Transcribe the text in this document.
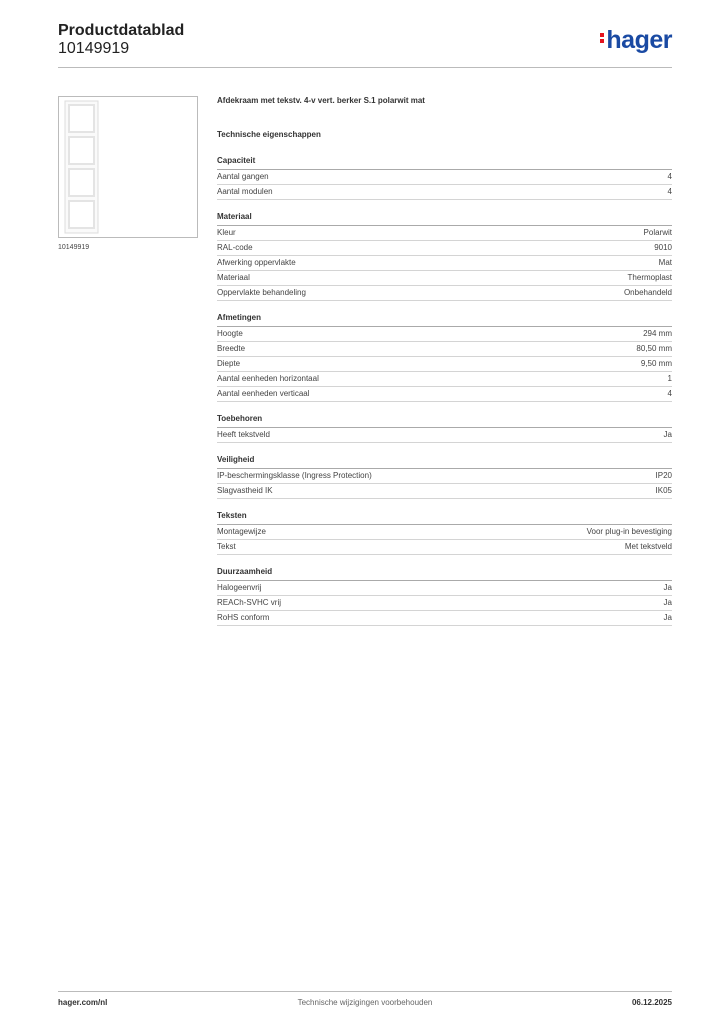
Productdatablad
10149919	hager
10149919
Afdekraam met tekstv. 4-v vert. berker S.1 polarwit mat
Technische eigenschappen
Capaciteit
Aantal gangen	4
Aantal modulen	4
Materiaal
Kleur	Polarwit
RAL-code	9010
Afwerking oppervlakte	Mat
Materiaal	Thermoplast
Oppervlakte behandeling	Onbehandeld
Afmetingen
Hoogte	294 mm
Breedte	80,50 mm
Diepte	9,50 mm
Aantal eenheden horizontaal	1
Aantal eenheden verticaal	4
Toebehoren
Heeft tekstveld	Ja
Veiligheid
IP-beschermingsklasse (Ingress Protection)	IP20
Slagvastheid IK	IK05
Teksten
Montagewijze	Voor plug-in bevestiging
Tekst	Met tekstveld
Duurzaamheid
Halogeenvrij	Ja
REACh-SVHC vrij	Ja
RoHS conform	Ja
hager.com/nl	Technische wijzigingen voorbehouden	06.12.2025
